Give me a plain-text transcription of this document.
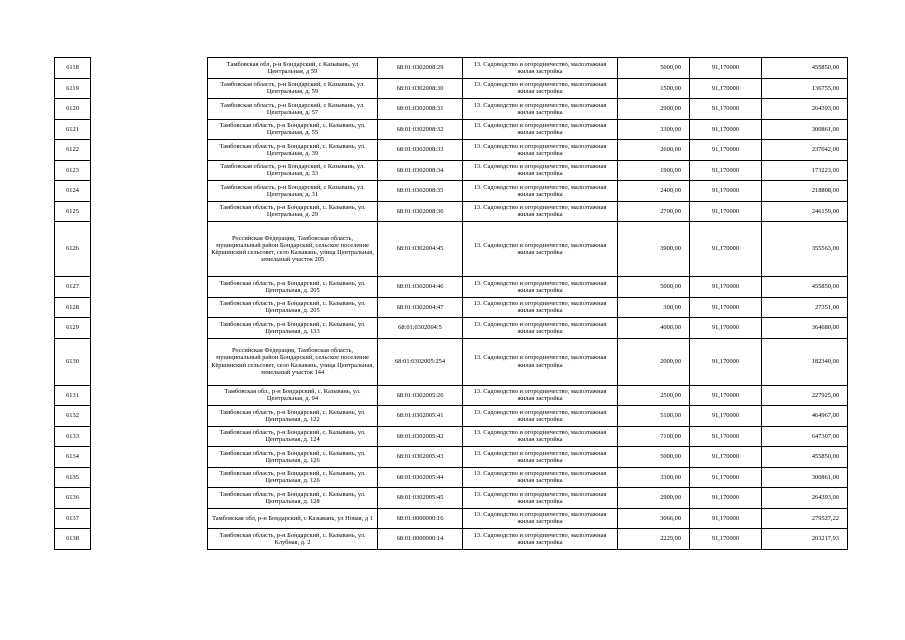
6118		Тамбовская обл, р-н Бондарский, с Казывань, ул Центральная, д 59	68:01:0302008:29	13. Садоводство и огородничество, малоэтажная жилая застройка	5000,00	91,170000	455850,00
6119		Тамбовская область, р-н Бондарский, с Казывань, ул. Центральная, д. 59	68:01:0302008:30	13. Садоводство и огородничество, малоэтажная жилая застройка	1500,00	91,170000	136755,00
6120		Тамбовская область, р-н Бондарский, с Казывань, ул. Центральная, д. 57	68:01:0302008:31	13. Садоводство и огородничество, малоэтажная жилая застройка	2900,00	91,170000	264393,00
6121		Тамбовская область, р-н Бондарский, с. Казывань, ул. Центральная, д. 55	68:01:0302008:32	13. Садоводство и огородничество, малоэтажная жилая застройка	3300,00	91,170000	300861,00
6122		Тамбовская область, р-н Бондарский, с. Казывань, ул. Центральная, д. 39	68:01:0302008:33	13. Садоводство и огородничество, малоэтажная жилая застройка	2600,00	91,170000	237042,00
6123		Тамбовская область, р-н Бондарский, с Казывань, ул. Центральная, д. 33	68:01:0302008:34	13. Садоводство и огородничество, малоэтажная жилая застройка	1900,00	91,170000	173223,00
6124		Тамбовская область, р-н Бондарский, с Казывань, ул. Центральная, д. 31	68:01:0302008:35	13. Садоводство и огородничество, малоэтажная жилая застройка	2400,00	91,170000	218808,00
6125		Тамбовская область, р-н Бондарский, с. Казывань, ул. Центральная, д. 29	68:01:0302008:36	13. Садоводство и огородничество, малоэтажная жилая застройка	2700,00	91,170000	246159,00
6126		Российская Федерация, Тамбовская область, муниципальный район Бондарский, сельское поселение Кёршинский сельсовет, село Казывань, улица Центральная, земельный участок 205	68:01:0302004:45	13. Садоводство и огородничество, малоэтажная жилая застройка	3900,00	91,170000	355563,00
6127		Тамбовская область, р-н Бондарский, с. Казывань, ул. Центральная, д. 205	68:01:0302004:46	13. Садоводство и огородничество, малоэтажная жилая застройка	5000,00	91,170000	455850,00
6128		Тамбовская область, р-н Бондарский, с. Казывань, ул. Центральная, д. 205	68:01:0302004:47	13. Садоводство и огородничество, малоэтажная жилая застройка	300,00	91,170000	27351,00
6129		Тамбовская область, р-н Бондарский, с. Казывань, ул. Центральная, д. 133	68:01:0302004:5	13. Садоводство и огородничество, малоэтажная жилая застройка	4000,00	91,170000	364680,00
6130		Российская Федерация, Тамбовская область, муниципальный район Бондарский, сельское поселение Кёршинский сельсовет, село Казывань, улица Центральная, земельный участок 144	68:01:0302005:254	13. Садоводство и огородничество, малоэтажная жилая застройка	2000,00	91,170000	182340,00
6131		Тамбовская обл., р-н Бондарский, с. Казывань, ул. Центральная, д. 94	68:01:0302005:26	13. Садоводство и огородничество, малоэтажная жилая застройка	2500,00	91,170000	227925,00
6132		Тамбовская область, р-н Бондарский, с. Казывань, ул. Центральная, д. 122	68:01:0302005:41	13. Садоводство и огородничество, малоэтажная жилая застройка	5100,00	91,170000	464967,00
6133		Тамбовская область, р-н Бондарский, с. Казывань, ул. Центральная, д. 124	68:01:0302005:42	13. Садоводство и огородничество, малоэтажная жилая застройка	7100,00	91,170000	647307,00
6134		Тамбовская область, р-н Бондарский, с. Казывань, ул. Центральная, д. 126	68:01:0302005:43	13. Садоводство и огородничество, малоэтажная жилая застройка	5000,00	91,170000	455850,00
6135		Тамбовская область, р-н Бондарский, с. Казывань, ул. Центральная, д. 126	68:01:0302005:44	13. Садоводство и огородничество, малоэтажная жилая застройка	3300,00	91,170000	300861,00
6136		Тамбовская область, р-н Бондарский, с. Казывань, ул. Центральная, д. 128	68:01:0302005:45	13. Садоводство и огородничество, малоэтажная жилая застройка	2900,00	91,170000	264393,00
6137		Тамбовская обл, р-н Бондарский, с Казывань, ул Новая, д 1	68:01:0000000:16	13. Садоводство и огородничество, малоэтажная жилая застройка	3066,00	91,170000	279527,22
6138		Тамбовская область, р-н Бондарский, с. Казывань, ул. Клубная, д. 2	68:01:0000000:14	13. Садоводство и огородничество, малоэтажная жилая застройка	2229,00	91,170000	203217,93
